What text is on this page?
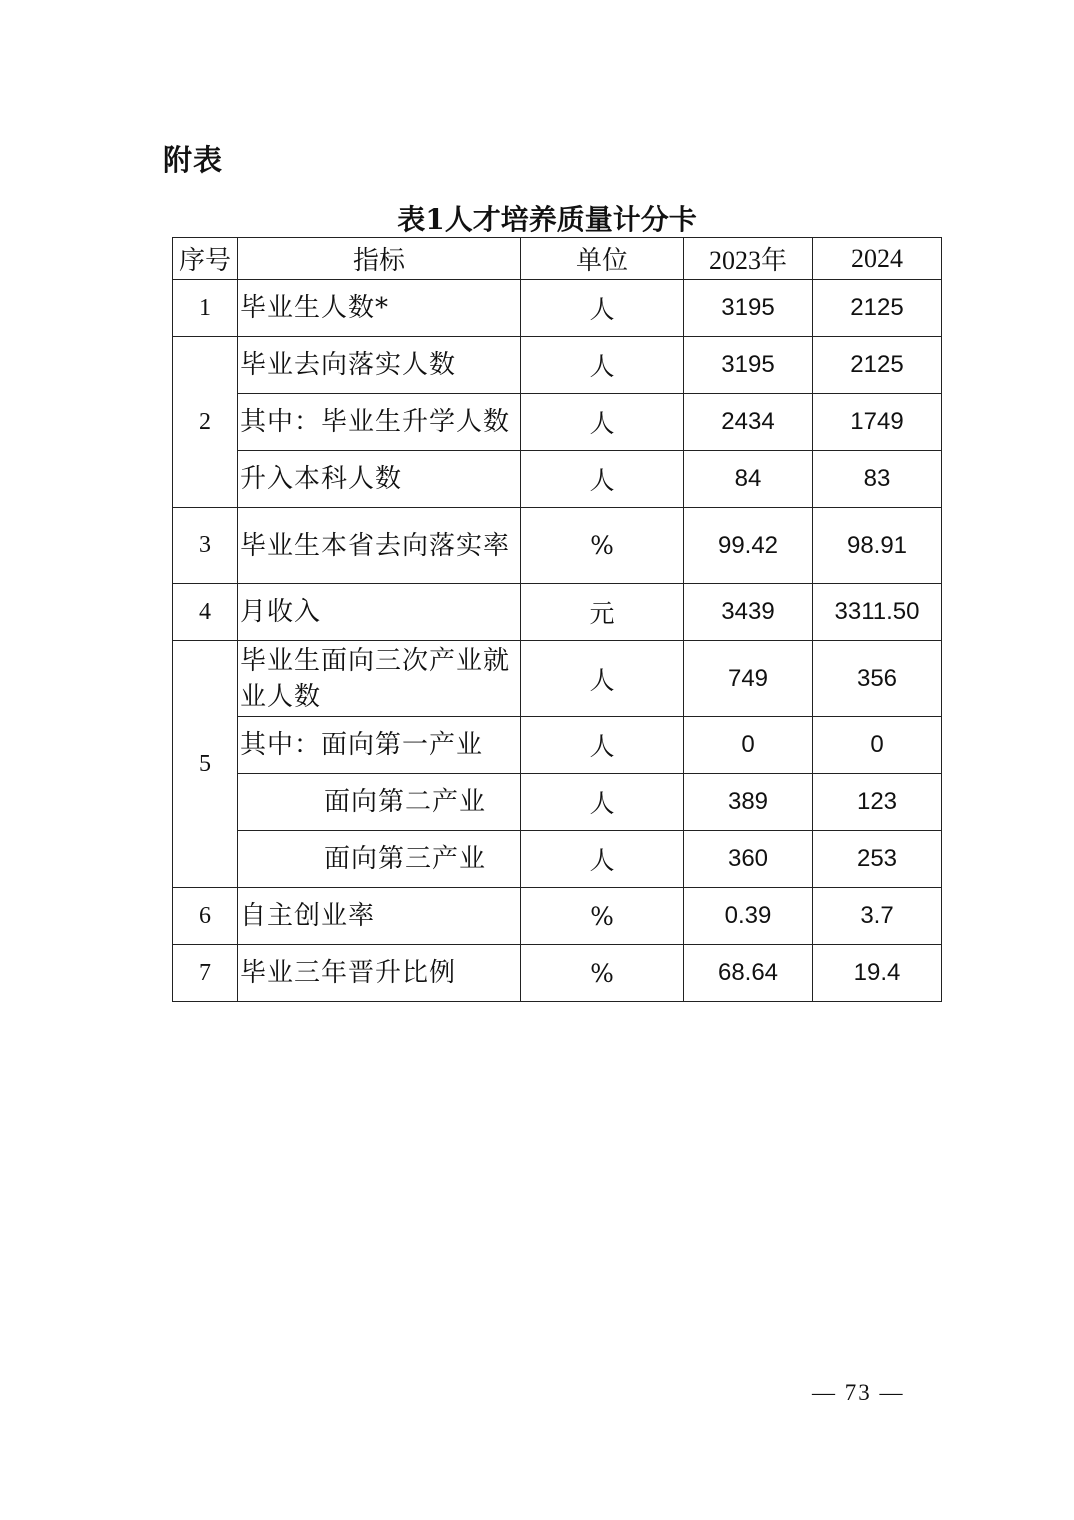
附表
表1人才培养质量计分卡
序号	指标	单位	2023年	2024
1	毕业生人数*	人	3195	2125
2	毕业去向落实人数	人	3195	2125
	其中：毕业生升学人数	人	2434	1749
	升入本科人数	人	84	83
3	毕业生本省去向落实率	%	99.42	98.91
4	月收入	元	3439	3311.50
5	毕业生面向三次产业就业人数	人	749	356
	其中：面向第一产业	人	0	0
	面向第二产业	人	389	123
	面向第三产业	人	360	253
6	自主创业率	%	0.39	3.7
7	毕业三年晋升比例	%	68.64	19.4
— 73 —
